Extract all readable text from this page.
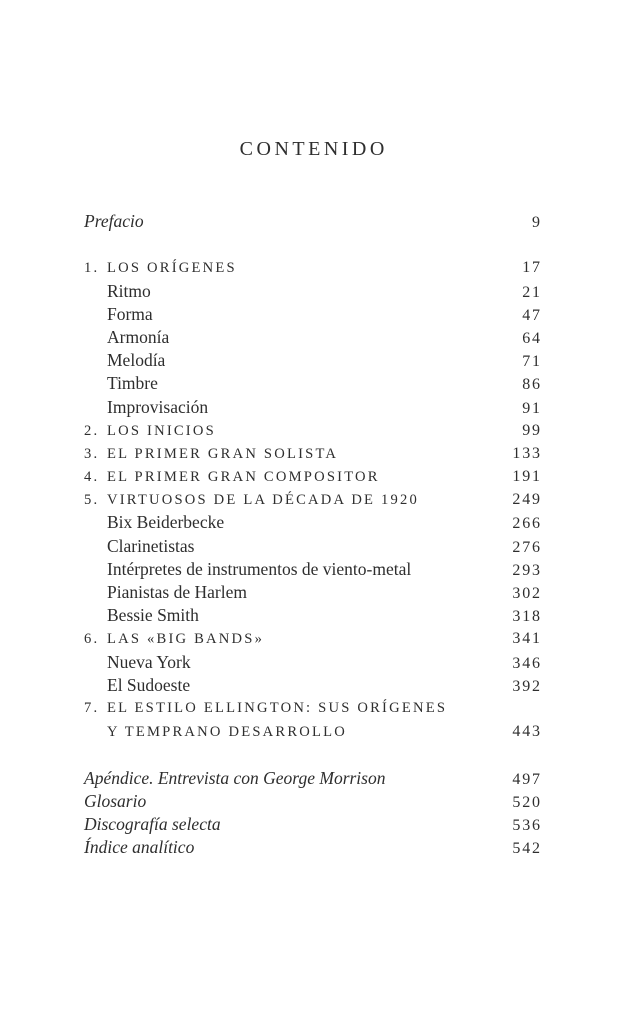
CONTENIDO
Prefacio	9
1. LOS ORÍGENES	17
Ritmo	21
Forma	47
Armonía	64
Melodía	71
Timbre	86
Improvisación	91
2. LOS INICIOS	99
3. EL PRIMER GRAN SOLISTA	133
4. EL PRIMER GRAN COMPOSITOR	191
5. VIRTUOSOS DE LA DÉCADA DE 1920	249
Bix Beiderbecke	266
Clarinetistas	276
Intérpretes de instrumentos de viento-metal	293
Pianistas de Harlem	302
Bessie Smith	318
6. LAS «BIG BANDS»	341
Nueva York	346
El Sudoeste	392
7. EL ESTILO ELLINGTON: SUS ORÍGENES
Y TEMPRANO DESARROLLO	443
Apéndice. Entrevista con George Morrison	497
Glosario	520
Discografía selecta	536
Índice analítico	542
